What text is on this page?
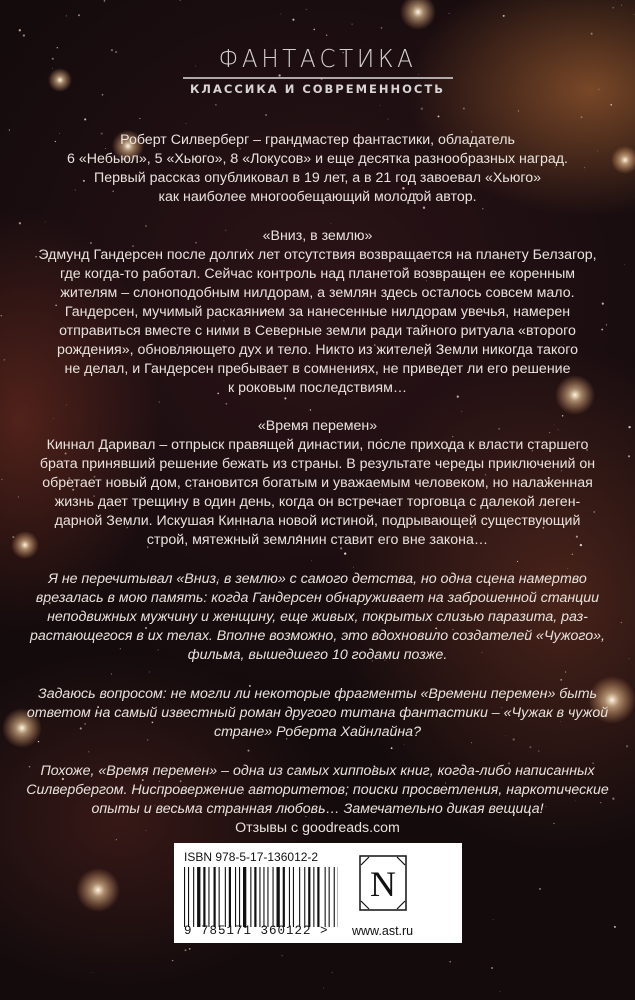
ФАНТАСТИКА
КЛАССИКА И СОВРЕМЕННОСТЬ

Роберт Силверберг – грандмастер фантастики, обладатель

6 «Небьюл», 5 «Хьюго», 8 «Локусов» и еще десятка разнообразных наград.

Первый рассказ опубликовал в 19 лет, а в 21 год завоевал «Хьюго»

как наиболее многообещающий молодой автор.

«Вниз, в землю»

Эдмунд Гандерсен после долгих лет отсутствия возвращается на планету Белзагор,

где когда-то работал. Сейчас контроль над планетой возвращен ее коренным

жителям – слоноподобным нилдорам, а землян здесь осталось совсем мало.

Гандерсен, мучимый раскаянием за нанесенные нилдорам увечья, намерен

отправиться вместе с ними в Северные земли ради тайного ритуала «второго

рождения», обновляющего дух и тело. Никто из жителей Земли никогда такого

не делал, и Гандерсен пребывает в сомнениях, не приведет ли его решение

к роковым последствиям…

«Время перемен»

Киннал Даривал – отпрыск правящей династии, после прихода к власти старшего

брата принявший решение бежать из страны. В результате череды приключений он

обретает новый дом, становится богатым и уважаемым человеком, но налаженная

жизнь дает трещину в один день, когда он встречает торговца с далекой леген-

дарной Земли. Искушая Киннала новой истиной, подрывающей существующий

строй, мятежный землянин ставит его вне закона…

Я не перечитывал «Вниз, в землю» с самого детства, но одна сцена намертво

врезалась в мою память: когда Гандерсен обнаруживает на заброшенной станции

неподвижных мужчину и женщину, еще живых, покрытых слизью паразита, раз-

растающегося в их телах. Вполне возможно, это вдохновило создателей «Чужого»,

фильма, вышедшего 10 годами позже.

Задаюсь вопросом: не могли ли некоторые фрагменты «Времени перемен» быть

ответом на самый известный роман другого титана фантастики – «Чужак в чужой

стране» Роберта Хайнлайна?

Похоже, «Время перемен» – одна из самых хипповых книг, когда-либо написанных

Силвербергом. Ниспровержение авторитетов; поиски просветления, наркотические

опыты и весьма странная любовь… Замечательно дикая вещица!

Отзывы с goodreads.com

ISBN 978-5-17-136012-2
9 785171 360122 >
N
www.ast.ru
